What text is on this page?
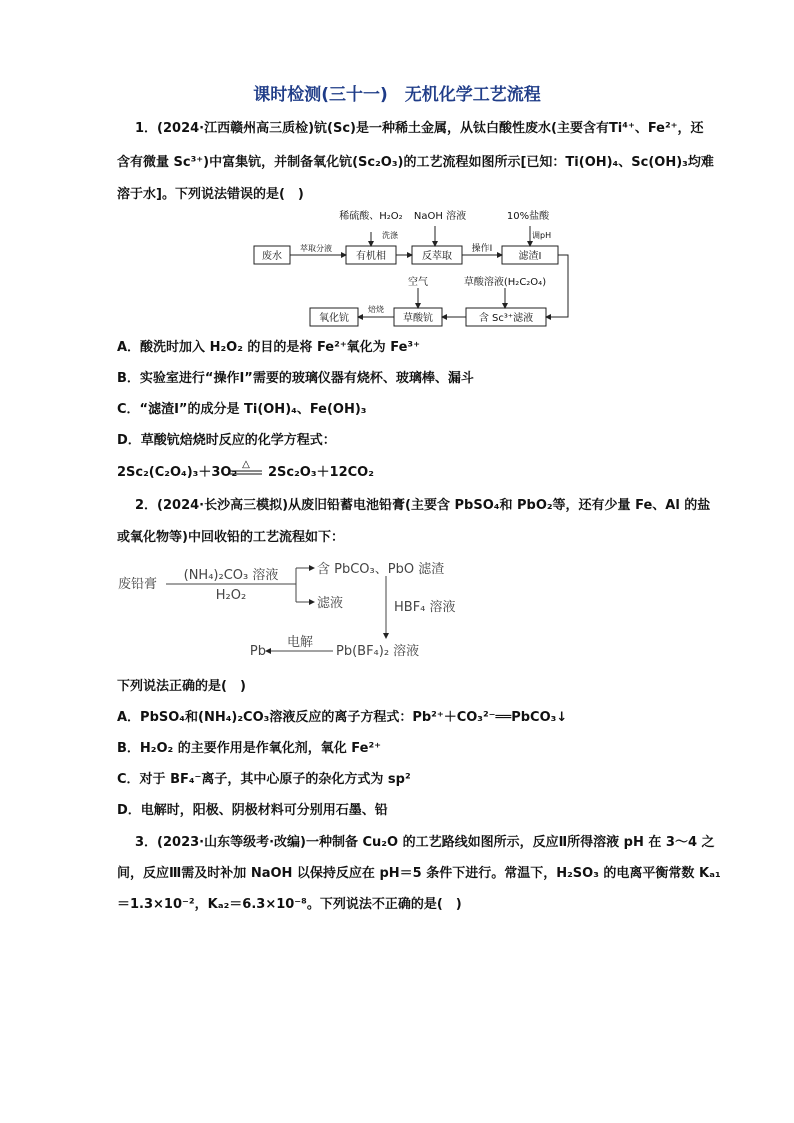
课时检测(三十一)　无机化学工艺流程
1．(2024·江西赣州高三质检)钪(Sc)是一种稀土金属，从钛白酸性废水(主要含有Ti⁴⁺、Fe²⁺，还
含有微量 Sc³⁺)中富集钪，并制备氧化钪(Sc₂O₃)的工艺流程如图所示[已知：Ti(OH)₄、Sc(OH)₃均难
溶于水]。下列说法错误的是(　)
废水
萃取分液
有机相
稀硫酸、H₂O₂
洗涤
NaOH 溶液
反萃取
操作Ⅰ
10%盐酸
调pH
滤渣Ⅰ
空气	草酸溶液(H₂C₂O₄)
含 Sc³⁺滤液
草酸钪
焙烧
氧化钪
A．酸洗时加入 H₂O₂ 的目的是将 Fe²⁺氧化为 Fe³⁺
B．实验室进行“操作Ⅰ”需要的玻璃仪器有烧杯、玻璃棒、漏斗
C．“滤渣Ⅰ”的成分是 Ti(OH)₄、Fe(OH)₃
D．草酸钪焙烧时反应的化学方程式：
2Sc₂(C₂O₄)₃＋3O₂
△
2Sc₂O₃＋12CO₂
2．(2024·长沙高三模拟)从废旧铅蓄电池铅膏(主要含 PbSO₄和 PbO₂等，还有少量 Fe、Al 的盐
或氧化物等)中回收铅的工艺流程如下：
废铅膏
(NH₄)₂CO₃ 溶液
H₂O₂
含 PbCO₃、PbO 滤渣
滤液	HBF₄ 溶液
Pb
电解
Pb(BF₄)₂ 溶液
下列说法正确的是(　)
A．PbSO₄和(NH₄)₂CO₃溶液反应的离子方程式：Pb²⁺＋CO₃²⁻══PbCO₃↓
B．H₂O₂ 的主要作用是作氧化剂，氧化 Fe²⁺
C．对于 BF₄⁻离子，其中心原子的杂化方式为 sp²
D．电解时，阳极、阴极材料可分别用石墨、铅
3．(2023·山东等级考·改编)一种制备 Cu₂O 的工艺路线如图所示，反应Ⅱ所得溶液 pH 在 3～4 之
间，反应Ⅲ需及时补加 NaOH 以保持反应在 pH＝5 条件下进行。常温下，H₂SO₃ 的电离平衡常数 Kₐ₁
＝1.3×10⁻²，Kₐ₂＝6.3×10⁻⁸。下列说法不正确的是(　)
